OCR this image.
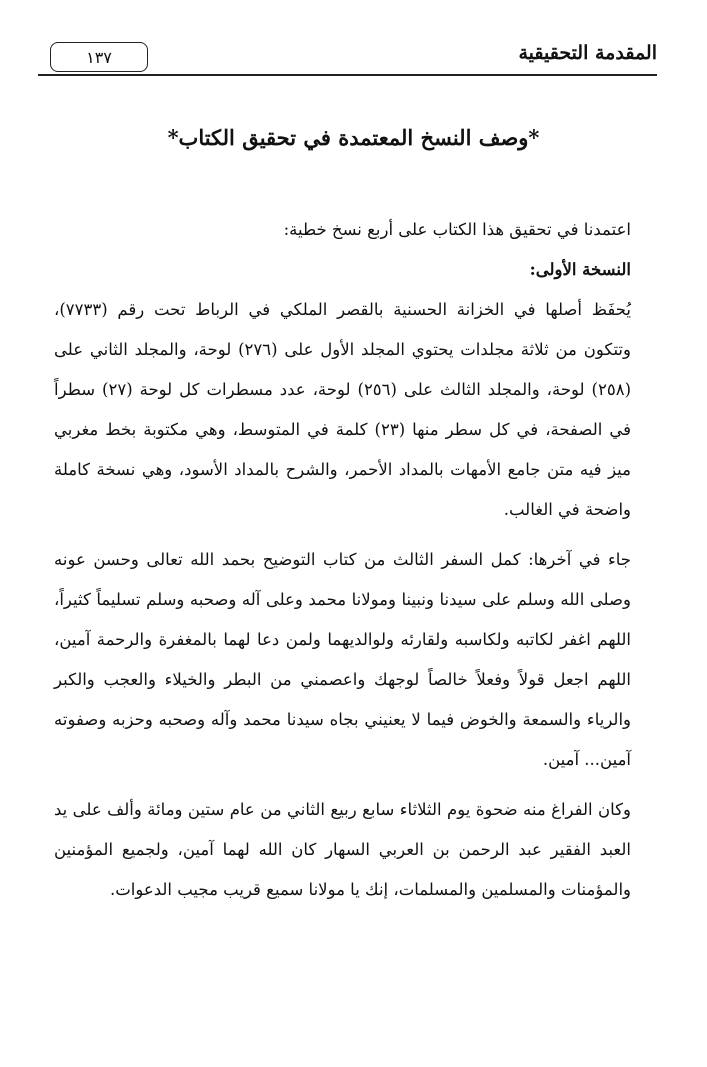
المقدمة التحقيقية
١٣٧
*وصف النسخ المعتمدة في تحقيق الكتاب*

اعتمدنا في تحقيق هذا الكتاب على أربع نسخ خطية:

النسخة الأولى:

يُحفَظ أصلها في الخزانة الحسنية بالقصر الملكي في الرباط تحت رقم (٧٧٣٣)، وتتكون من ثلاثة مجلدات يحتوي المجلد الأول على (٢٧٦) لوحة، والمجلد الثاني على (٢٥٨) لوحة، والمجلد الثالث على (٢٥٦) لوحة، عدد مسطرات كل لوحة (٢٧) سطراً في الصفحة، في كل سطر منها (٢٣) كلمة في المتوسط، وهي مكتوبة بخط مغربي ميز فيه متن جامع الأمهات بالمداد الأحمر، والشرح بالمداد الأسود، وهي نسخة كاملة واضحة في الغالب.

جاء في آخرها: كمل السفر الثالث من كتاب التوضيح بحمد الله تعالى وحسن عونه وصلى الله وسلم على سيدنا ونبينا ومولانا محمد وعلى آله وصحبه وسلم تسليماً كثيراً، اللهم اغفر لكاتبه ولكاسبه ولقارئه ولوالديهما ولمن دعا لهما بالمغفرة والرحمة آمين، اللهم اجعل قولاً وفعلاً خالصاً لوجهك واعصمني من البطر والخيلاء والعجب والكبر والرياء والسمعة والخوض فيما لا يعنيني بجاه سيدنا محمد وآله وصحبه وحزبه وصفوته آمين... آمين.

وكان الفراغ منه ضحوة يوم الثلاثاء سابع ربيع الثاني من عام ستين ومائة وألف على يد العبد الفقير عبد الرحمن بن العربي السهار كان الله لهما آمين، ولجميع المؤمنين والمؤمنات والمسلمين والمسلمات، إنك يا مولانا سميع قريب مجيب الدعوات.
